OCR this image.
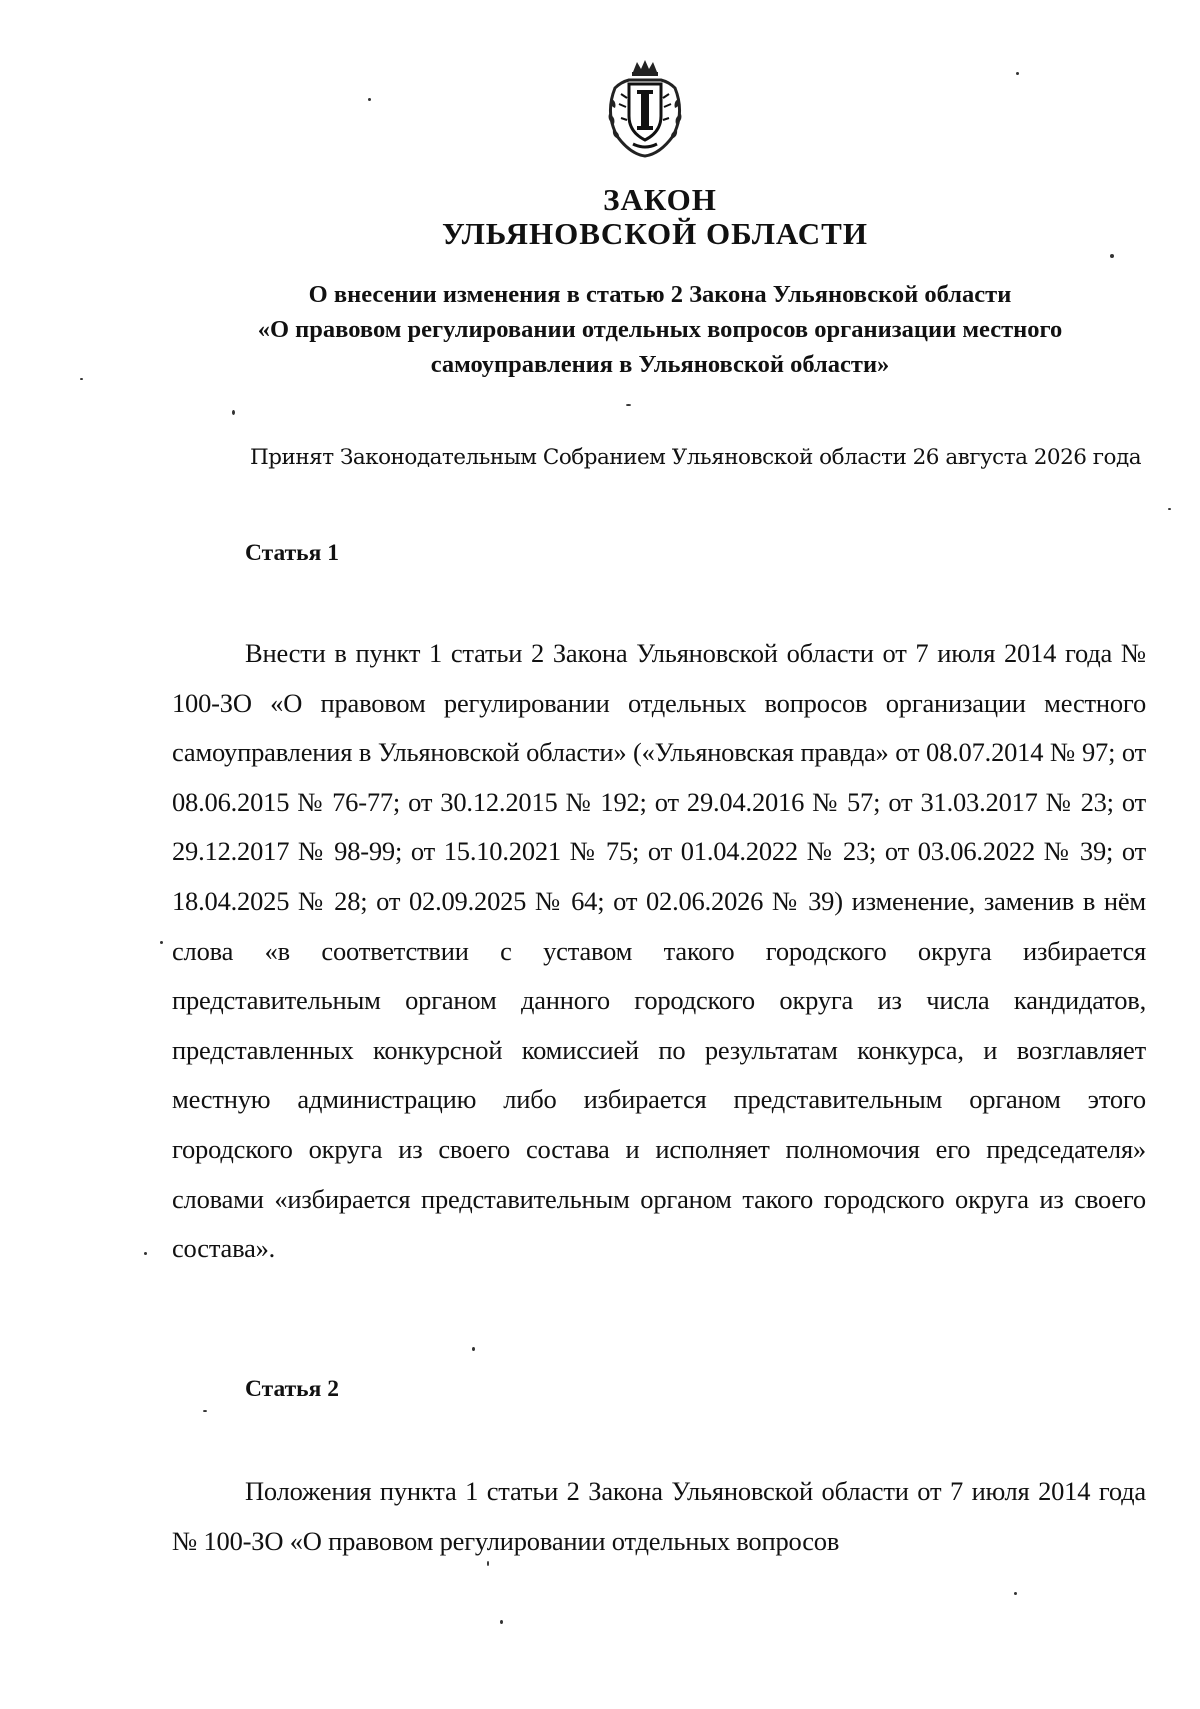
ЗАКОН
УЛЬЯНОВСКОЙ ОБЛАСТИ
О внесении изменения в статью 2 Закона Ульяновской области
«О правовом регулировании отдельных вопросов организации местного
самоуправления в Ульяновской области»
Принят Законодательным Собранием Ульяновской области 26 августа 2026 года
Статья 1
Внести в пункт 1 статьи 2 Закона Ульяновской области от 7 июля 2014 года № 100-ЗО «О правовом регулировании отдельных вопросов организации местного самоуправления в Ульяновской области» («Ульяновская правда» от 08.07.2014 № 97; от 08.06.2015 № 76-77; от 30.12.2015 № 192; от 29.04.2016 № 57; от 31.03.2017 № 23; от 29.12.2017 № 98-99; от 15.10.2021 № 75; от 01.04.2022 № 23; от 03.06.2022 № 39; от 18.04.2025 № 28; от 02.09.2025 № 64; от 02.06.2026 № 39) изменение, заменив в нём слова «в соответствии с уставом такого городского округа избирается представительным органом данного городского округа из числа кандидатов, представленных конкурсной комиссией по результатам конкурса, и возглавляет местную администрацию либо избирается представительным органом этого городского округа из своего состава и исполняет полномочия его председателя» словами «избирается представительным органом такого городского округа из своего состава».
Статья 2
Положения пункта 1 статьи 2 Закона Ульяновской области от 7 июля 2014 года № 100-ЗО «О правовом регулировании отдельных вопросов
